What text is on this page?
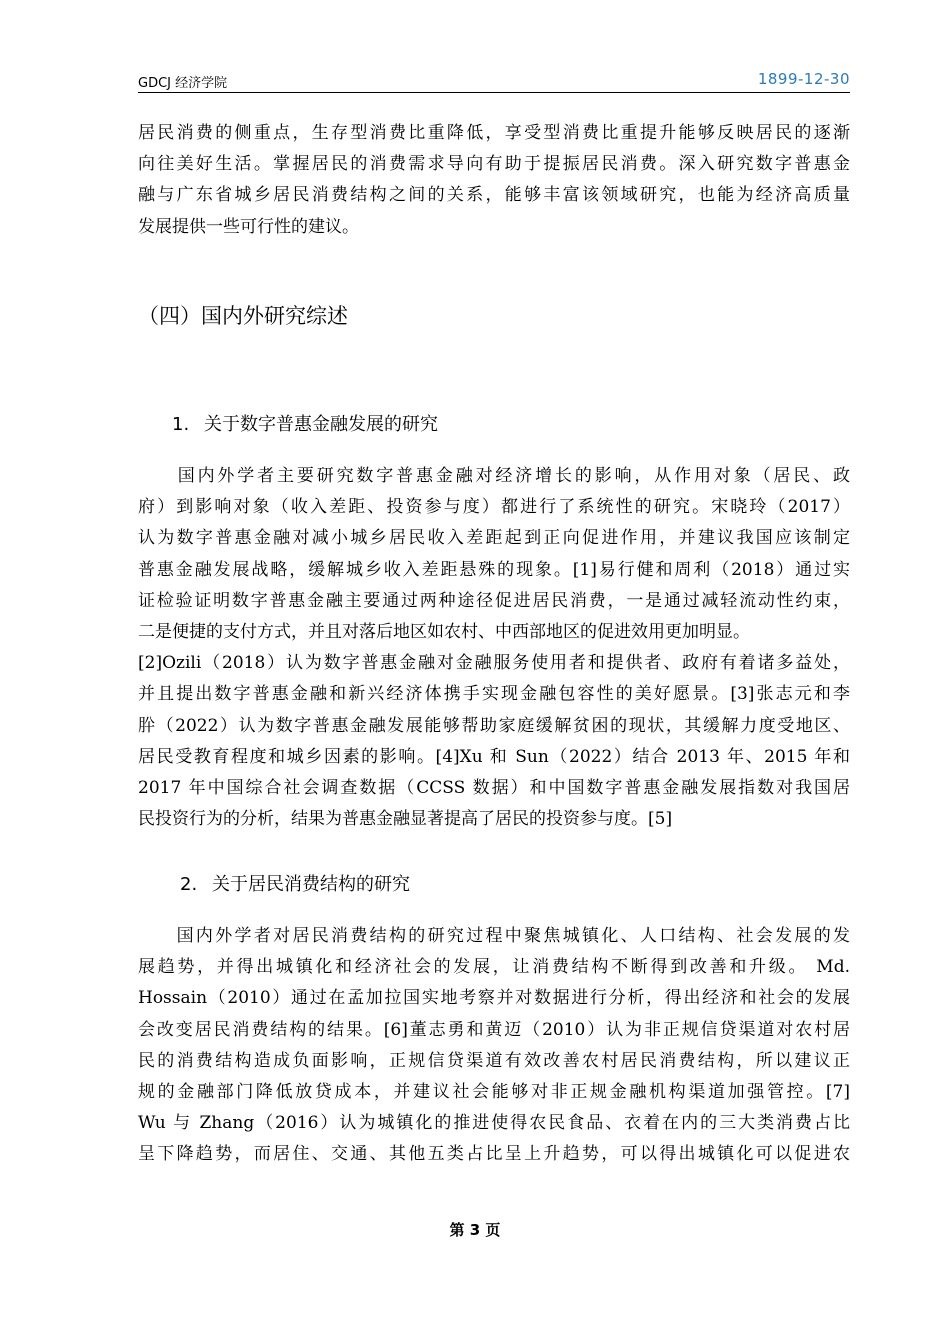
GDCJ 经济学院	1899-12-30
居民消费的侧重点，生存型消费比重降低，享受型消费比重提升能够反映居民的逐渐
向往美好生活。掌握居民的消费需求导向有助于提振居民消费。深入研究数字普惠金
融与广东省城乡居民消费结构之间的关系，能够丰富该领域研究，也能为经济高质量
发展提供一些可行性的建议。
（四）国内外研究综述
1. 关于数字普惠金融发展的研究
　　国内外学者主要研究数字普惠金融对经济增长的影响，从作用对象（居民、政
府）到影响对象（收入差距、投资参与度）都进行了系统性的研究。宋晓玲（2017）
认为数字普惠金融对减小城乡居民收入差距起到正向促进作用，并建议我国应该制定
普惠金融发展战略，缓解城乡收入差距悬殊的现象。[1]易行健和周利（2018）通过实
证检验证明数字普惠金融主要通过两种途径促进居民消费，一是通过减轻流动性约束，
二是便捷的支付方式，并且对落后地区如农村、中西部地区的促进效用更加明显。
[2]Ozili（2018）认为数字普惠金融对金融服务使用者和提供者、政府有着诸多益处，
并且提出数字普惠金融和新兴经济体携手实现金融包容性的美好愿景。[3]张志元和李
肸（2022）认为数字普惠金融发展能够帮助家庭缓解贫困的现状，其缓解力度受地区、
居民受教育程度和城乡因素的影响。[4]Xu 和 Sun（2022）结合 2013 年、2015 年和
2017 年中国综合社会调查数据（CCSS 数据）和中国数字普惠金融发展指数对我国居
民投资行为的分析，结果为普惠金融显著提高了居民的投资参与度。[5]
2. 关于居民消费结构的研究
　　国内外学者对居民消费结构的研究过程中聚焦城镇化、人口结构、社会发展的发
展趋势，并得出城镇化和经济社会的发展，让消费结构不断得到改善和升级。 Md.
Hossain（2010）通过在孟加拉国实地考察并对数据进行分析，得出经济和社会的发展
会改变居民消费结构的结果。[6]董志勇和黄迈（2010）认为非正规信贷渠道对农村居
民的消费结构造成负面影响，正规信贷渠道有效改善农村居民消费结构，所以建议正
规的金融部门降低放贷成本，并建议社会能够对非正规金融机构渠道加强管控。[7]
Wu 与 Zhang（2016）认为城镇化的推进使得农民食品、衣着在内的三大类消费占比
呈下降趋势，而居住、交通、其他五类占比呈上升趋势，可以得出城镇化可以促进农
第 3 页
